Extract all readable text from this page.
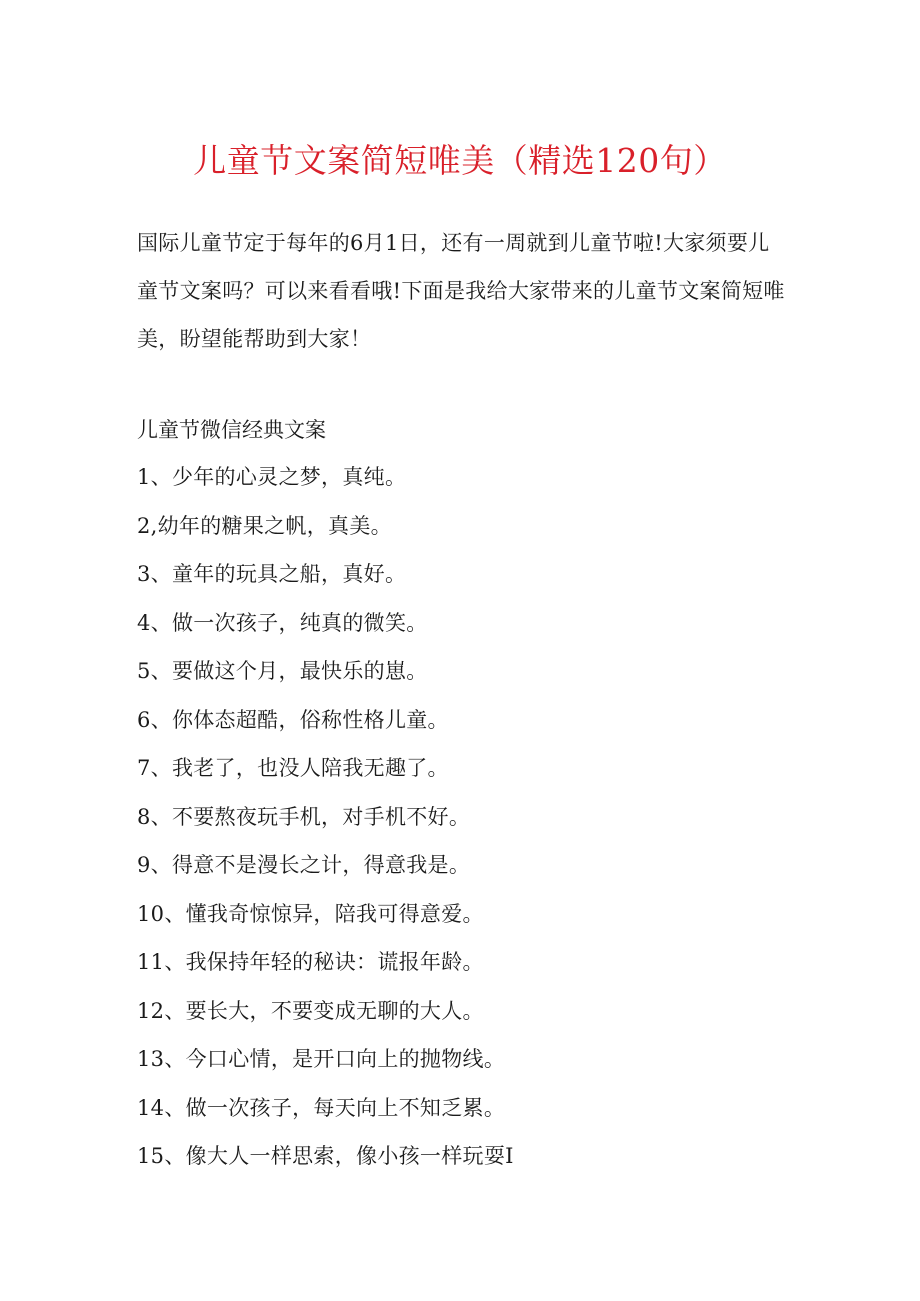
儿童节文案简短唯美（精选120句）

国际儿童节定于每年的6月1日，还有一周就到儿童节啦!大家须要儿童节文案吗？可以来看看哦!下面是我给大家带来的儿童节文案简短唯美，盼望能帮助到大家！

儿童节微信经典文案
1、少年的心灵之梦，真纯。
2,幼年的糖果之帆，真美。
3、童年的玩具之船，真好。
4、做一次孩子，纯真的微笑。
5、要做这个月，最快乐的崽。
6、你体态超酷，俗称性格儿童。
7、我老了，也没人陪我无趣了。
8、不要熬夜玩手机，对手机不好。
9、得意不是漫长之计，得意我是。
10、懂我奇惊惊异，陪我可得意爱。
11、我保持年轻的秘诀：谎报年龄。
12、要长大，不要变成无聊的大人。
13、今口心情，是开口向上的抛物线。
14、做一次孩子，每天向上不知乏累。
15、像大人一样思索，像小孩一样玩耍I
